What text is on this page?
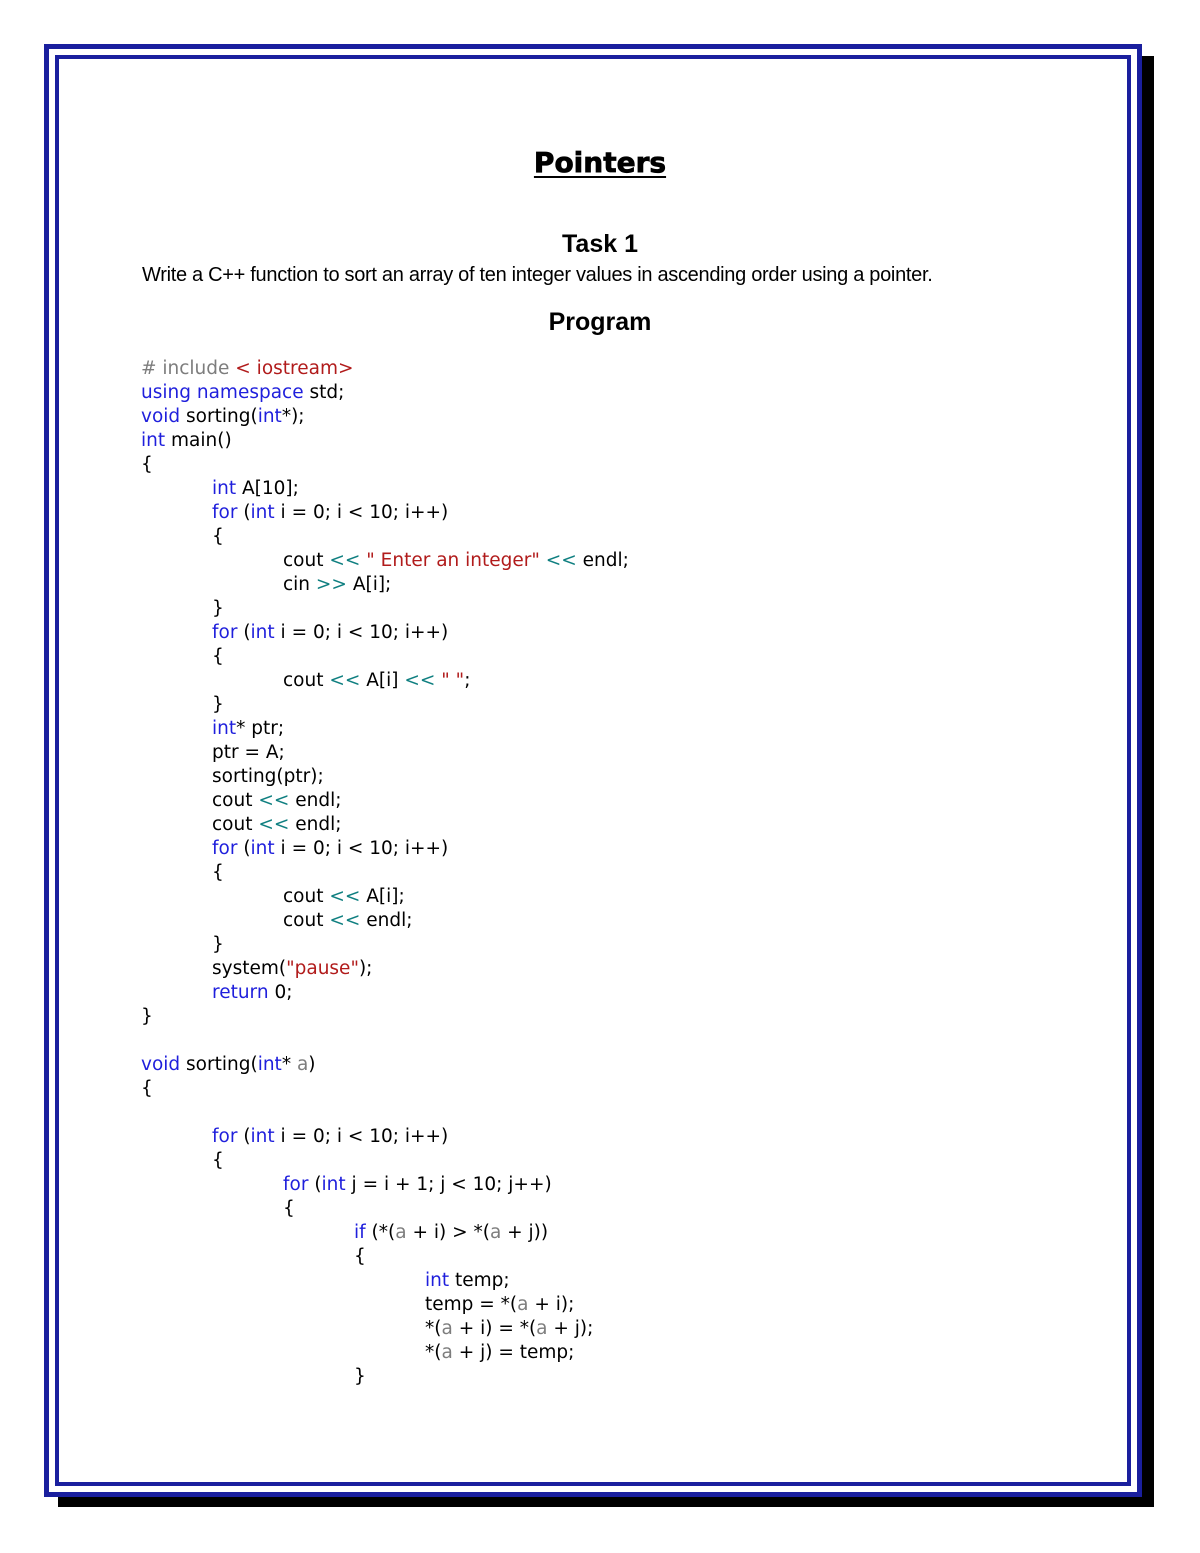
Pointers
Task 1
Write a C++ function to sort an array of ten integer values in ascending order using a pointer.
Program
# include < iostream>
using namespace std;
void sorting(int*);
int main()
{
int A[10];
for (int i = 0; i < 10; i++)
{
cout << " Enter an integer" << endl;
cin >> A[i];
}
for (int i = 0; i < 10; i++)
{
cout << A[i] << " ";
}
int* ptr;
ptr = A;
sorting(ptr);
cout << endl;
cout << endl;
for (int i = 0; i < 10; i++)
{
cout << A[i];
cout << endl;
}
system("pause");
return 0;
}
void sorting(int* a)
{
for (int i = 0; i < 10; i++)
{
for (int j = i + 1; j < 10; j++)
{
if (*(a + i) > *(a + j))
{
int temp;
temp = *(a + i);
*(a + i) = *(a + j);
*(a + j) = temp;
}
